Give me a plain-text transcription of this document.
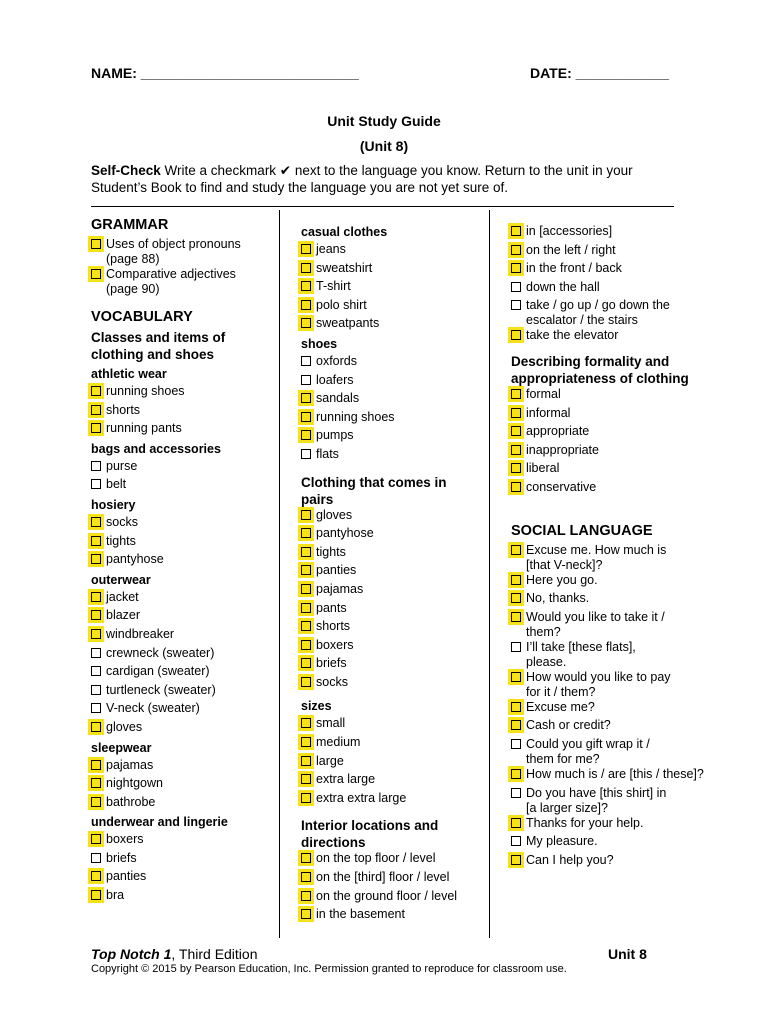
NAME: ____________________________	DATE: ____________
Unit Study Guide
(Unit 8)
Self-Check Write a checkmark ✔ next to the language you know. Return to the unit in your Student’s Book to find and study the language you are not yet sure of.
GRAMMAR
Uses of object pronouns
(page 88)
Comparative adjectives
(page 90)
VOCABULARY
Classes and items of
clothing and shoes
athletic wear
running shoes
shorts
running pants
bags and accessories
purse
belt
hosiery
socks
tights
pantyhose
outerwear
jacket
blazer
windbreaker
crewneck (sweater)
cardigan (sweater)
turtleneck (sweater)
V-neck (sweater)
gloves
sleepwear
pajamas
nightgown
bathrobe
underwear and lingerie
boxers
briefs
panties
bra
casual clothes
jeans
sweatshirt
T-shirt
polo shirt
sweatpants
shoes
oxfords
loafers
sandals
running shoes
pumps
flats
Clothing that comes in
pairs
gloves
pantyhose
tights
panties
pajamas
pants
shorts
boxers
briefs
socks
sizes
small
medium
large
extra large
extra extra large
Interior locations and
directions
on the top floor / level
on the [third] floor / level
on the ground floor / level
in the basement
in [accessories]
on the left / right
in the front / back
down the hall
take / go up / go down the
escalator / the stairs
take the elevator
Describing formality and
appropriateness of clothing
formal
informal
appropriate
inappropriate
liberal
conservative
SOCIAL LANGUAGE
Excuse me. How much is
[that V-neck]?
Here you go.
No, thanks.
Would you like to take it /
them?
I’ll take [these flats],
please.
How would you like to pay
for it / them?
Excuse me?
Cash or credit?
Could you gift wrap it /
them for me?
How much is / are [this / these]?
Do you have [this shirt] in
[a larger size]?
Thanks for your help.
My pleasure.
Can I help you?
Top Notch 1, Third Edition	Unit 8
Copyright © 2015 by Pearson Education, Inc. Permission granted to reproduce for classroom use.
